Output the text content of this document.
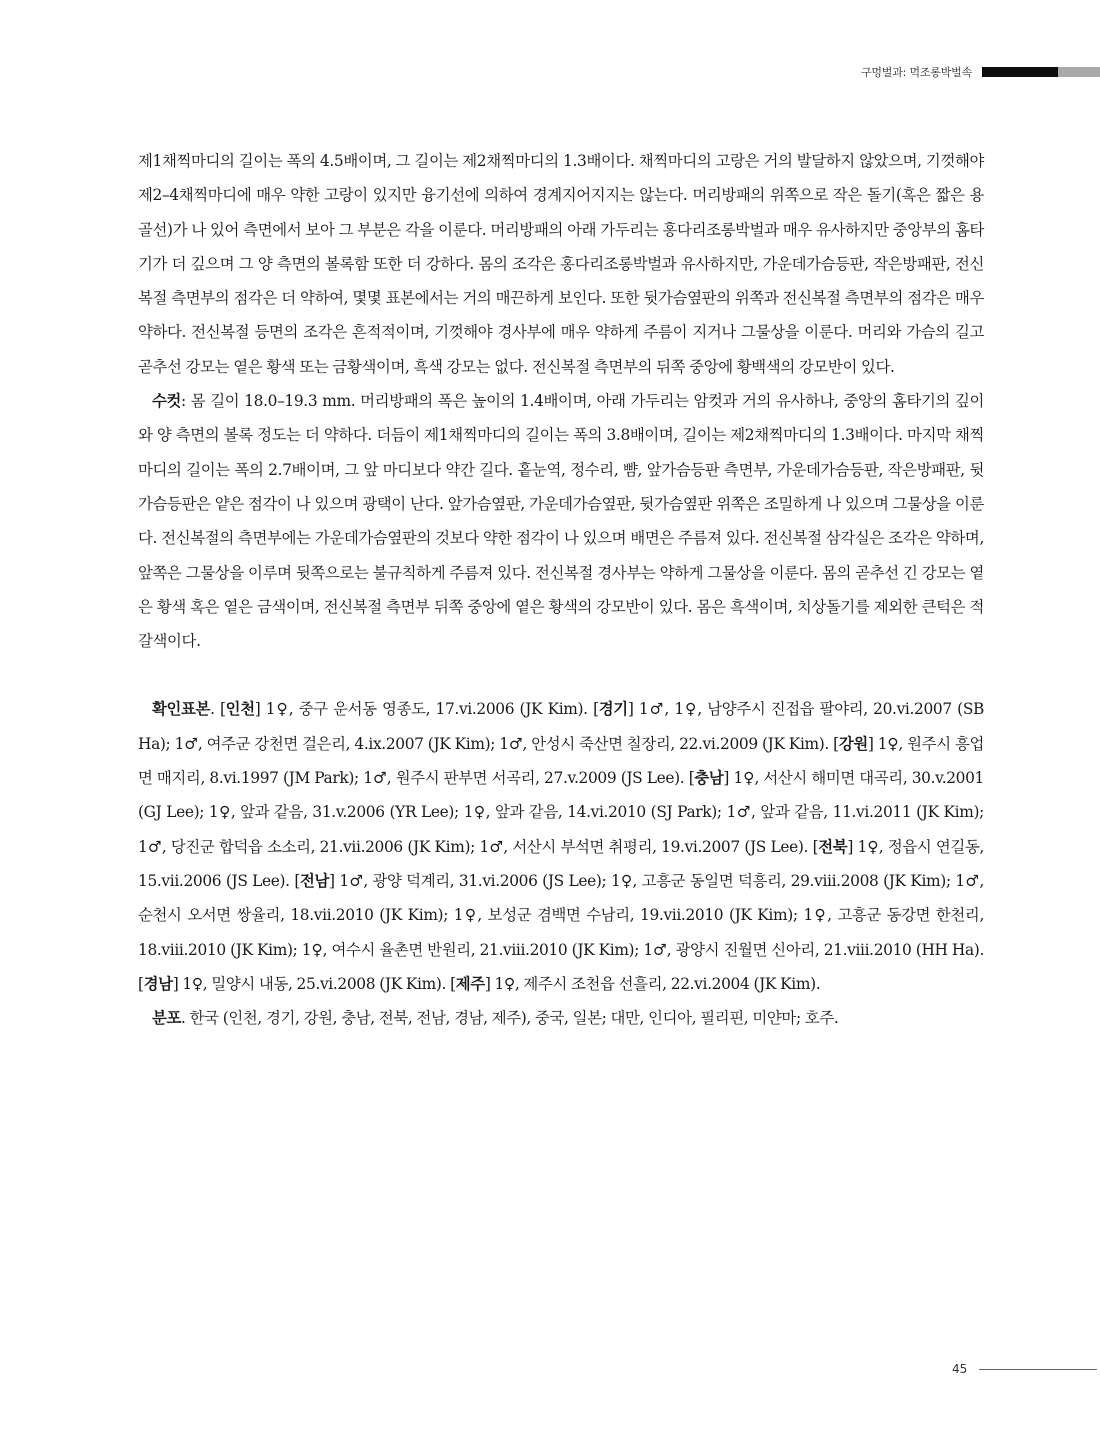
구멍벌과: 먹조롱박벌속

제1채찍마디의 길이는 폭의 4.5배이며, 그 길이는 제2채찍마디의 1.3배이다. 채찍마디의 고랑은 거의 발달하지 않았으며, 기껏해야 제2–4채찍마디에 매우 약한 고랑이 있지만 융기선에 의하여 경계지어지지는 않는다. 머리방패의 위쪽으로 작은 돌기(혹은 짧은 용골선)가 나 있어 측면에서 보아 그 부분은 각을 이룬다. 머리방패의 아래 가두리는 홍다리조롱박벌과 매우 유사하지만 중앙부의 홈타기가 더 깊으며 그 양 측면의 볼록함 또한 더 강하다. 몸의 조각은 홍다리조롱박벌과 유사하지만, 가운데가슴등판, 작은방패판, 전신복절 측면부의 점각은 더 약하여, 몇몇 표본에서는 거의 매끈하게 보인다. 또한 뒷가슴옆판의 위쪽과 전신복절 측면부의 점각은 매우 약하다. 전신복절 등면의 조각은 흔적적이며, 기껏해야 경사부에 매우 약하게 주름이 지거나 그물상을 이룬다. 머리와 가슴의 길고 곧추선 강모는 옅은 황색 또는 금황색이며, 흑색 강모는 없다. 전신복절 측면부의 뒤쪽 중앙에 황백색의 강모반이 있다.

수컷: 몸 길이 18.0–19.3 mm. 머리방패의 폭은 높이의 1.4배이며, 아래 가두리는 암컷과 거의 유사하나, 중앙의 홈타기의 깊이와 양 측면의 볼록 정도는 더 약하다. 더듬이 제1채찍마디의 길이는 폭의 3.8배이며, 길이는 제2채찍마디의 1.3배이다. 마지막 채찍마디의 길이는 폭의 2.7배이며, 그 앞 마디보다 약간 길다. 홑눈역, 정수리, 뺨, 앞가슴등판 측면부, 가운데가슴등판, 작은방패판, 뒷가슴등판은 얕은 점각이 나 있으며 광택이 난다. 앞가슴옆판, 가운데가슴옆판, 뒷가슴옆판 위쪽은 조밀하게 나 있으며 그물상을 이룬다. 전신복절의 측면부에는 가운데가슴옆판의 것보다 약한 점각이 나 있으며 배면은 주름져 있다. 전신복절 삼각실은 조각은 약하며, 앞쪽은 그물상을 이루며 뒷쪽으로는 불규칙하게 주름져 있다. 전신복절 경사부는 약하게 그물상을 이룬다. 몸의 곧추선 긴 강모는 옅은 황색 혹은 옅은 금색이며, 전신복절 측면부 뒤쪽 중앙에 옅은 황색의 강모반이 있다. 몸은 흑색이며, 치상돌기를 제외한 큰턱은 적갈색이다.

확인표본. [인천] 1♀, 중구 운서동 영종도, 17.vi.2006 (JK Kim). [경기] 1♂, 1♀, 남양주시 진접읍 팔야리, 20.vi.2007 (SB Ha); 1♂, 여주군 강천면 걸은리, 4.ix.2007 (JK Kim); 1♂, 안성시 죽산면 칠장리, 22.vi.2009 (JK Kim). [강원] 1♀, 원주시 흥업면 매지리, 8.vi.1997 (JM Park); 1♂, 원주시 판부면 서곡리, 27.v.2009 (JS Lee). [충남] 1♀, 서산시 해미면 대곡리, 30.v.2001 (GJ Lee); 1♀, 앞과 같음, 31.v.2006 (YR Lee); 1♀, 앞과 같음, 14.vi.2010 (SJ Park); 1♂, 앞과 같음, 11.vi.2011 (JK Kim); 1♂, 당진군 합덕읍 소소리, 21.vii.2006 (JK Kim); 1♂, 서산시 부석면 취평리, 19.vi.2007 (JS Lee). [전북] 1♀, 정읍시 연길동, 15.vii.2006 (JS Lee). [전남] 1♂, 광양 덕계리, 31.vi.2006 (JS Lee); 1♀, 고흥군 동일면 덕흥리, 29.viii.2008 (JK Kim); 1♂, 순천시 오서면 쌍율리, 18.vii.2010 (JK Kim); 1♀, 보성군 겸백면 수남리, 19.vii.2010 (JK Kim); 1♀, 고흥군 동강면 한천리, 18.viii.2010 (JK Kim); 1♀, 여수시 율촌면 반원리, 21.viii.2010 (JK Kim); 1♂, 광양시 진월면 신아리, 21.viii.2010 (HH Ha). [경남] 1♀, 밀양시 내동, 25.vi.2008 (JK Kim). [제주] 1♀, 제주시 조천읍 선흘리, 22.vi.2004 (JK Kim).

분포. 한국 (인천, 경기, 강원, 충남, 전북, 전남, 경남, 제주), 중국, 일본; 대만, 인디아, 필리핀, 미얀마; 호주.

45
